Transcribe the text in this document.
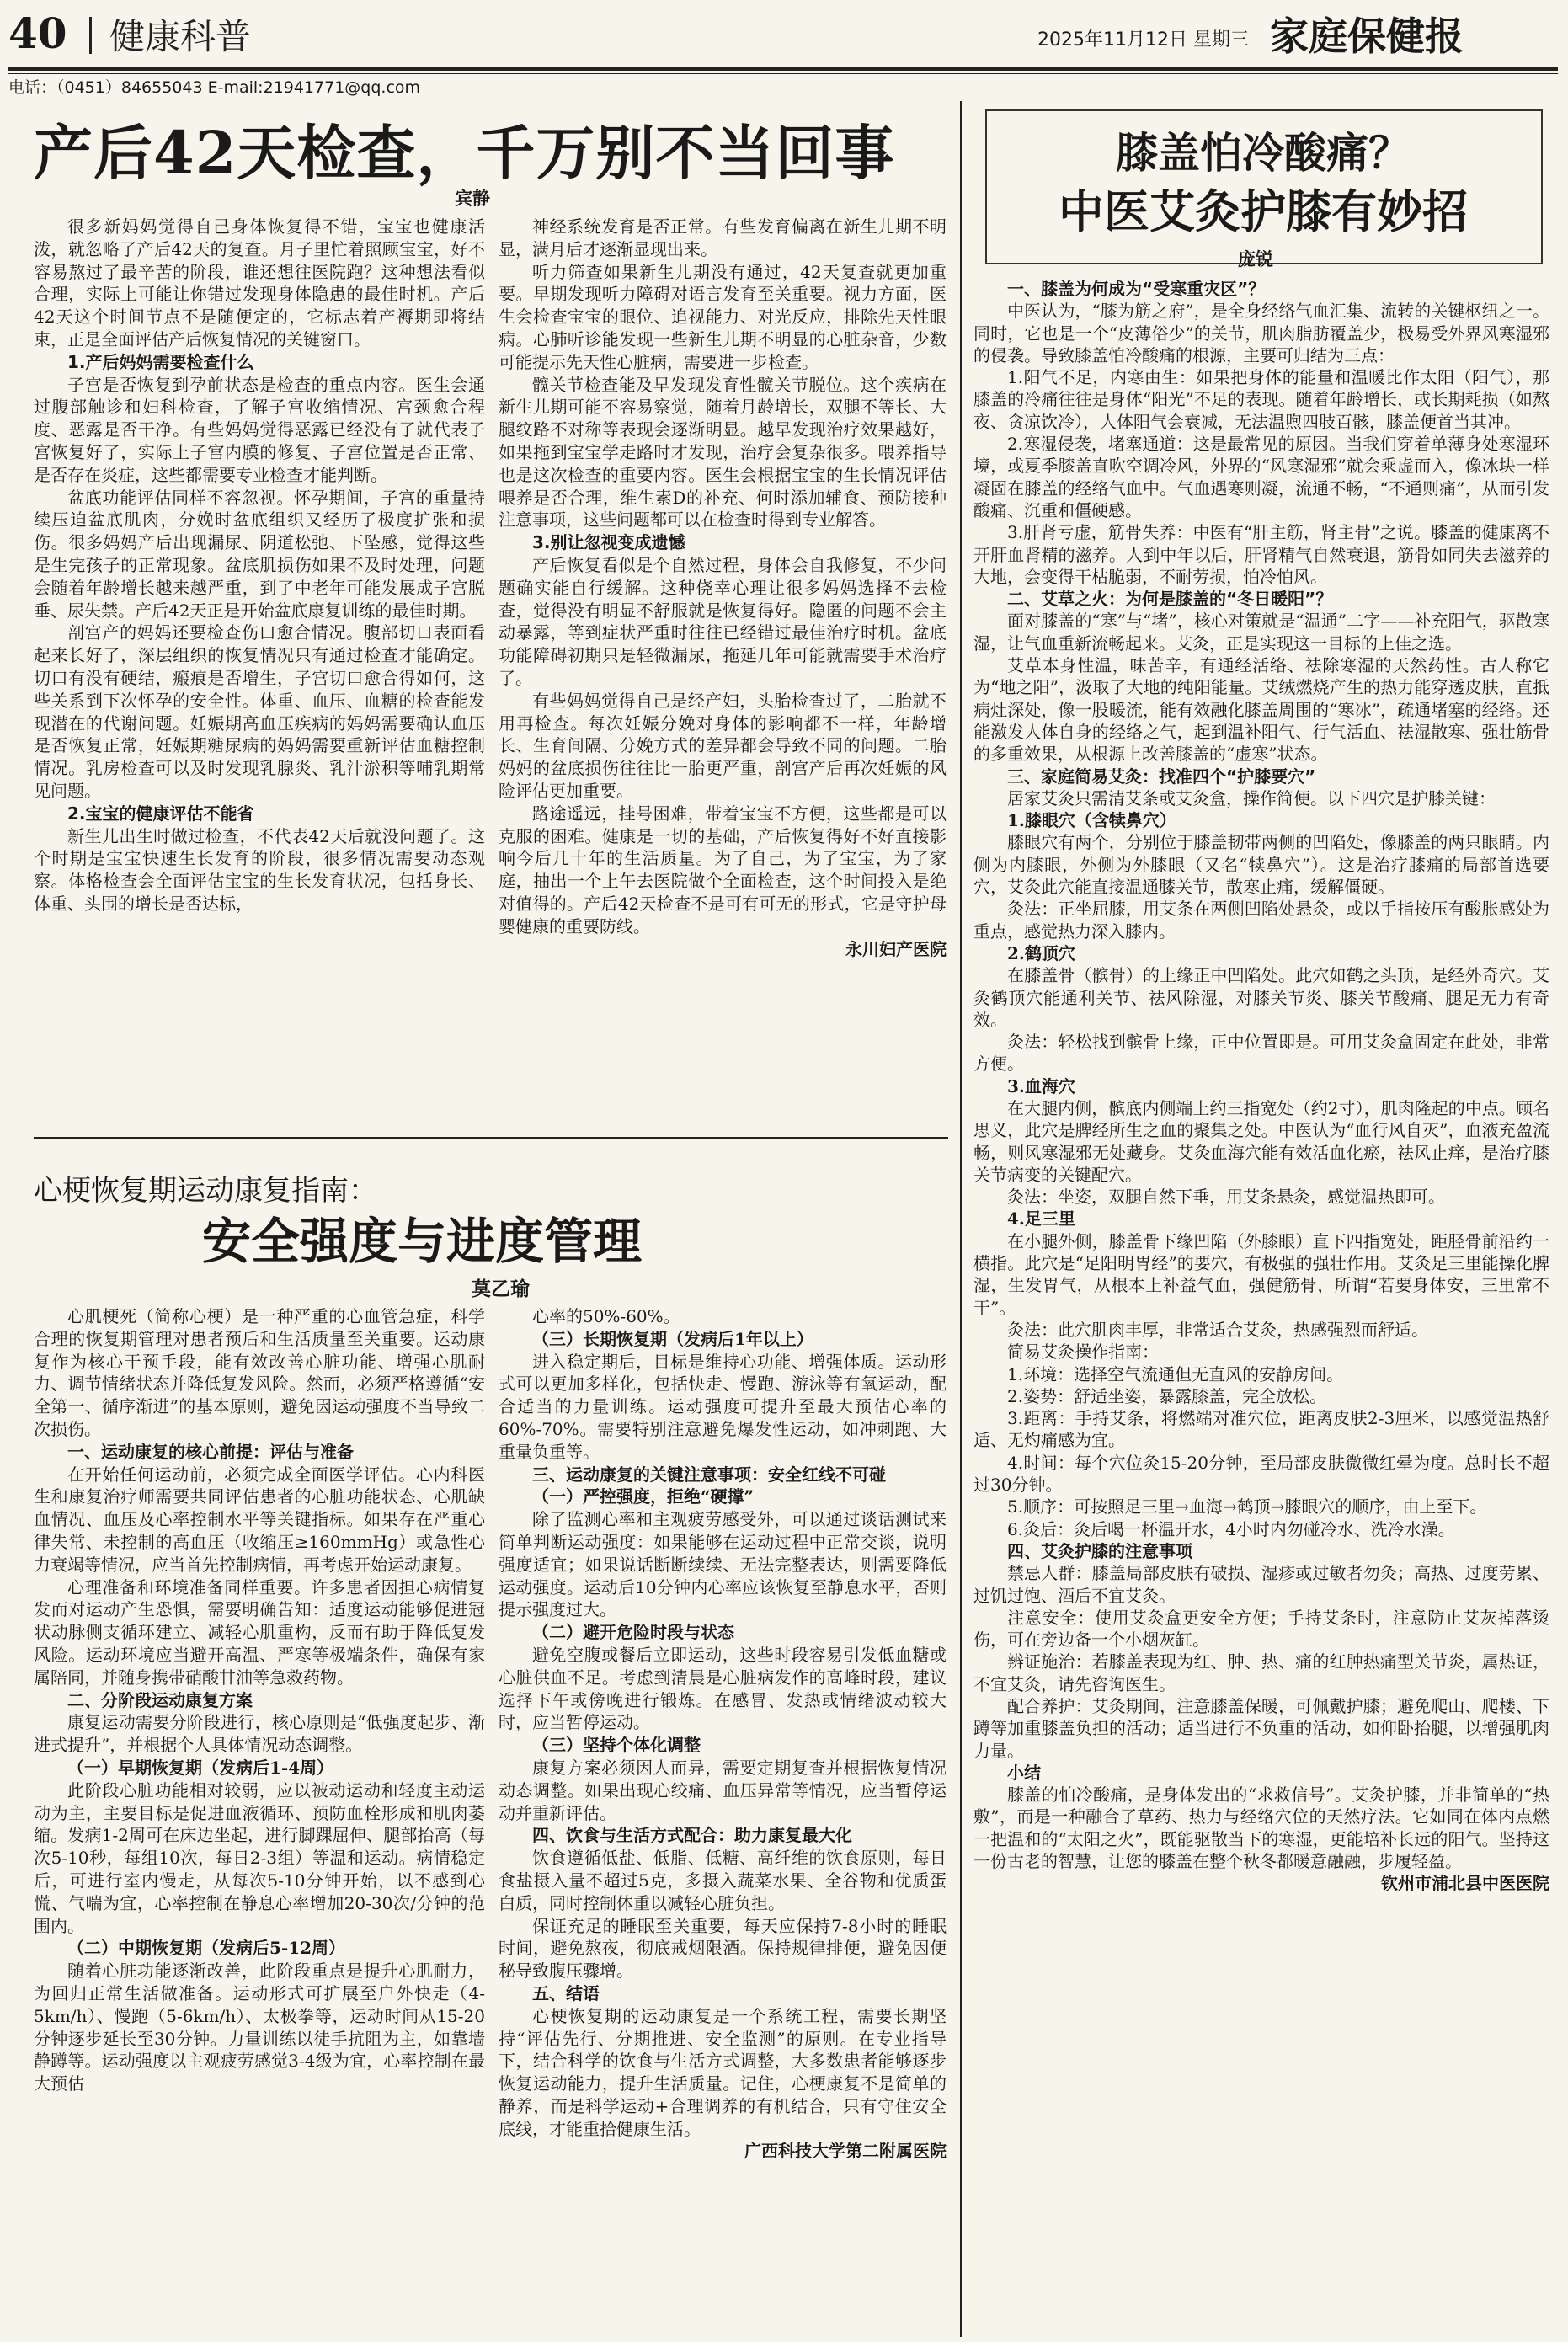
40 健康科普	2025年11月12日 星期三 家庭保健报
电话：（0451）84655043 E-mail:21941771@qq.com
产后42天检查，千万别不当回事
宾静

很多新妈妈觉得自己身体恢复得不错，宝宝也健康活泼，就忽略了产后42天的复查。月子里忙着照顾宝宝，好不容易熬过了最辛苦的阶段，谁还想往医院跑？这种想法看似合理，实际上可能让你错过发现身体隐患的最佳时机。产后42天这个时间节点不是随便定的，它标志着产褥期即将结束，正是全面评估产后恢复情况的关键窗口。

1.产后妈妈需要检查什么

子宫是否恢复到孕前状态是检查的重点内容。医生会通过腹部触诊和妇科检查，了解子宫收缩情况、宫颈愈合程度、恶露是否干净。有些妈妈觉得恶露已经没有了就代表子宫恢复好了，实际上子宫内膜的修复、子宫位置是否正常、是否存在炎症，这些都需要专业检查才能判断。

盆底功能评估同样不容忽视。怀孕期间，子宫的重量持续压迫盆底肌肉，分娩时盆底组织又经历了极度扩张和损伤。很多妈妈产后出现漏尿、阴道松弛、下坠感，觉得这些是生完孩子的正常现象。盆底肌损伤如果不及时处理，问题会随着年龄增长越来越严重，到了中老年可能发展成子宫脱垂、尿失禁。产后42天正是开始盆底康复训练的最佳时期。

剖宫产的妈妈还要检查伤口愈合情况。腹部切口表面看起来长好了，深层组织的恢复情况只有通过检查才能确定。切口有没有硬结，瘢痕是否增生，子宫切口愈合得如何，这些关系到下次怀孕的安全性。体重、血压、血糖的检查能发现潜在的代谢问题。妊娠期高血压疾病的妈妈需要确认血压是否恢复正常，妊娠期糖尿病的妈妈需要重新评估血糖控制情况。乳房检查可以及时发现乳腺炎、乳汁淤积等哺乳期常见问题。

2.宝宝的健康评估不能省

新生儿出生时做过检查，不代表42天后就没问题了。这个时期是宝宝快速生长发育的阶段，很多情况需要动态观察。体格检查会全面评估宝宝的生长发育状况，包括身长、体重、头围的增长是否达标，

神经系统发育是否正常。有些发育偏离在新生儿期不明显，满月后才逐渐显现出来。

听力筛查如果新生儿期没有通过，42天复查就更加重要。早期发现听力障碍对语言发育至关重要。视力方面，医生会检查宝宝的眼位、追视能力、对光反应，排除先天性眼病。心肺听诊能发现一些新生儿期不明显的心脏杂音，少数可能提示先天性心脏病，需要进一步检查。

髋关节检查能及早发现发育性髋关节脱位。这个疾病在新生儿期可能不容易察觉，随着月龄增长，双腿不等长、大腿纹路不对称等表现会逐渐明显。越早发现治疗效果越好，如果拖到宝宝学走路时才发现，治疗会复杂很多。喂养指导也是这次检查的重要内容。医生会根据宝宝的生长情况评估喂养是否合理，维生素D的补充、何时添加辅食、预防接种注意事项，这些问题都可以在检查时得到专业解答。

3.别让忽视变成遗憾

产后恢复看似是个自然过程，身体会自我修复，不少问题确实能自行缓解。这种侥幸心理让很多妈妈选择不去检查，觉得没有明显不舒服就是恢复得好。隐匿的问题不会主动暴露，等到症状严重时往往已经错过最佳治疗时机。盆底功能障碍初期只是轻微漏尿，拖延几年可能就需要手术治疗了。

有些妈妈觉得自己是经产妇，头胎检查过了，二胎就不用再检查。每次妊娠分娩对身体的影响都不一样，年龄增长、生育间隔、分娩方式的差异都会导致不同的问题。二胎妈妈的盆底损伤往往比一胎更严重，剖宫产后再次妊娠的风险评估更加重要。

路途遥远，挂号困难，带着宝宝不方便，这些都是可以克服的困难。健康是一切的基础，产后恢复得好不好直接影响今后几十年的生活质量。为了自己，为了宝宝，为了家庭，抽出一个上午去医院做个全面检查，这个时间投入是绝对值得的。产后42天检查不是可有可无的形式，它是守护母婴健康的重要防线。

永川妇产医院

心梗恢复期运动康复指南：
安全强度与进度管理
莫乙瑜

心肌梗死（简称心梗）是一种严重的心血管急症，科学合理的恢复期管理对患者预后和生活质量至关重要。运动康复作为核心干预手段，能有效改善心脏功能、增强心肌耐力、调节情绪状态并降低复发风险。然而，必须严格遵循“安全第一、循序渐进”的基本原则，避免因运动强度不当导致二次损伤。

一、运动康复的核心前提：评估与准备

在开始任何运动前，必须完成全面医学评估。心内科医生和康复治疗师需要共同评估患者的心脏功能状态、心肌缺血情况、血压及心率控制水平等关键指标。如果存在严重心律失常、未控制的高血压（收缩压≥160mmHg）或急性心力衰竭等情况，应当首先控制病情，再考虑开始运动康复。

心理准备和环境准备同样重要。许多患者因担心病情复发而对运动产生恐惧，需要明确告知：适度运动能够促进冠状动脉侧支循环建立、减轻心肌重构，反而有助于降低复发风险。运动环境应当避开高温、严寒等极端条件，确保有家属陪同，并随身携带硝酸甘油等急救药物。

二、分阶段运动康复方案

康复运动需要分阶段进行，核心原则是“低强度起步、渐进式提升”，并根据个人具体情况动态调整。

（一）早期恢复期（发病后1-4周）

此阶段心脏功能相对较弱，应以被动运动和轻度主动运动为主，主要目标是促进血液循环、预防血栓形成和肌肉萎缩。发病1-2周可在床边坐起，进行脚踝屈伸、腿部抬高（每次5-10秒，每组10次，每日2-3组）等温和运动。病情稳定后，可进行室内慢走，从每次5-10分钟开始，以不感到心慌、气喘为宜，心率控制在静息心率增加20-30次/分钟的范围内。

（二）中期恢复期（发病后5-12周）

随着心脏功能逐渐改善，此阶段重点是提升心肌耐力，为回归正常生活做准备。运动形式可扩展至户外快走（4-5km/h）、慢跑（5-6km/h）、太极拳等，运动时间从15-20分钟逐步延长至30分钟。力量训练以徒手抗阻为主，如靠墙静蹲等。运动强度以主观疲劳感觉3-4级为宜，心率控制在最大预估

心率的50%-60%。

（三）长期恢复期（发病后1年以上）

进入稳定期后，目标是维持心功能、增强体质。运动形式可以更加多样化，包括快走、慢跑、游泳等有氧运动，配合适当的力量训练。运动强度可提升至最大预估心率的60%-70%。需要特别注意避免爆发性运动，如冲刺跑、大重量负重等。

三、运动康复的关键注意事项：安全红线不可碰

（一）严控强度，拒绝“硬撑”

除了监测心率和主观疲劳感受外，可以通过谈话测试来简单判断运动强度：如果能够在运动过程中正常交谈，说明强度适宜；如果说话断断续续、无法完整表达，则需要降低运动强度。运动后10分钟内心率应该恢复至静息水平，否则提示强度过大。

（二）避开危险时段与状态

避免空腹或餐后立即运动，这些时段容易引发低血糖或心脏供血不足。考虑到清晨是心脏病发作的高峰时段，建议选择下午或傍晚进行锻炼。在感冒、发热或情绪波动较大时，应当暂停运动。

（三）坚持个体化调整

康复方案必须因人而异，需要定期复查并根据恢复情况动态调整。如果出现心绞痛、血压异常等情况，应当暂停运动并重新评估。

四、饮食与生活方式配合：助力康复最大化

饮食遵循低盐、低脂、低糖、高纤维的饮食原则，每日食盐摄入量不超过5克，多摄入蔬菜水果、全谷物和优质蛋白质，同时控制体重以减轻心脏负担。

保证充足的睡眠至关重要，每天应保持7-8小时的睡眠时间，避免熬夜，彻底戒烟限酒。保持规律排便，避免因便秘导致腹压骤增。

五、结语

心梗恢复期的运动康复是一个系统工程，需要长期坚持“评估先行、分期推进、安全监测”的原则。在专业指导下，结合科学的饮食与生活方式调整，大多数患者能够逐步恢复运动能力，提升生活质量。记住，心梗康复不是简单的静养，而是科学运动+合理调养的有机结合，只有守住安全底线，才能重拾健康生活。

广西科技大学第二附属医院

膝盖怕冷酸痛？
中医艾灸护膝有妙招
庞锐

一、膝盖为何成为“受寒重灾区”？

中医认为，“膝为筋之府”，是全身经络气血汇集、流转的关键枢纽之一。同时，它也是一个“皮薄俗少”的关节，肌肉脂肪覆盖少，极易受外界风寒湿邪的侵袭。导致膝盖怕冷酸痛的根源，主要可归结为三点：

1.阳气不足，内寒由生：如果把身体的能量和温暖比作太阳（阳气），那膝盖的冷痛往往是身体“阳光”不足的表现。随着年龄增长，或长期耗损（如熬夜、贪凉饮冷），人体阳气会衰减，无法温煦四肢百骸，膝盖便首当其冲。

2.寒湿侵袭，堵塞通道：这是最常见的原因。当我们穿着单薄身处寒湿环境，或夏季膝盖直吹空调冷风，外界的“风寒湿邪”就会乘虚而入，像冰块一样凝固在膝盖的经络气血中。气血遇寒则凝，流通不畅，“不通则痛”，从而引发酸痛、沉重和僵硬感。

3.肝肾亏虚，筋骨失养：中医有“肝主筋，肾主骨”之说。膝盖的健康离不开肝血肾精的滋养。人到中年以后，肝肾精气自然衰退，筋骨如同失去滋养的大地，会变得干枯脆弱，不耐劳损，怕冷怕风。

二、艾草之火：为何是膝盖的“冬日暖阳”？

面对膝盖的“寒”与“堵”，核心对策就是“温通”二字——补充阳气，驱散寒湿，让气血重新流畅起来。艾灸，正是实现这一目标的上佳之选。

艾草本身性温，味苦辛，有通经活络、祛除寒湿的天然药性。古人称它为“地之阳”，汲取了大地的纯阳能量。艾绒燃烧产生的热力能穿透皮肤，直抵病灶深处，像一股暖流，能有效融化膝盖周围的“寒冰”，疏通堵塞的经络。还能激发人体自身的经络之气，起到温补阳气、行气活血、祛湿散寒、强壮筋骨的多重效果，从根源上改善膝盖的“虚寒”状态。

三、家庭简易艾灸：找准四个“护膝要穴”

居家艾灸只需清艾条或艾灸盒，操作简便。以下四穴是护膝关键：

1.膝眼穴（含犊鼻穴）

膝眼穴有两个，分别位于膝盖韧带两侧的凹陷处，像膝盖的两只眼睛。内侧为内膝眼，外侧为外膝眼（又名“犊鼻穴”）。这是治疗膝痛的局部首选要穴，艾灸此穴能直接温通膝关节，散寒止痛，缓解僵硬。

灸法：正坐屈膝，用艾条在两侧凹陷处悬灸，或以手指按压有酸胀感处为重点，感觉热力深入膝内。

2.鹤顶穴

在膝盖骨（髌骨）的上缘正中凹陷处。此穴如鹤之头顶，是经外奇穴。艾灸鹤顶穴能通利关节、祛风除湿，对膝关节炎、膝关节酸痛、腿足无力有奇效。

灸法：轻松找到髌骨上缘，正中位置即是。可用艾灸盒固定在此处，非常方便。

3.血海穴

在大腿内侧，髌底内侧端上约三指宽处（约2寸），肌肉隆起的中点。顾名思义，此穴是脾经所生之血的聚集之处。中医认为“血行风自灭”，血液充盈流畅，则风寒湿邪无处藏身。艾灸血海穴能有效活血化瘀，祛风止痒，是治疗膝关节病变的关键配穴。

灸法：坐姿，双腿自然下垂，用艾条悬灸，感觉温热即可。

4.足三里

在小腿外侧，膝盖骨下缘凹陷（外膝眼）直下四指宽处，距胫骨前沿约一横指。此穴是“足阳明胃经”的要穴，有极强的强壮作用。艾灸足三里能操化脾湿，生发胃气，从根本上补益气血，强健筋骨，所谓“若要身体安，三里常不干”。

灸法：此穴肌肉丰厚，非常适合艾灸，热感强烈而舒适。

简易艾灸操作指南：

1.环境：选择空气流通但无直风的安静房间。

2.姿势：舒适坐姿，暴露膝盖，完全放松。

3.距离：手持艾条，将燃端对准穴位，距离皮肤2-3厘米，以感觉温热舒适、无灼痛感为宜。

4.时间：每个穴位灸15-20分钟，至局部皮肤微微红晕为度。总时长不超过30分钟。

5.顺序：可按照足三里→血海→鹤顶→膝眼穴的顺序，由上至下。

6.灸后：灸后喝一杯温开水，4小时内勿碰冷水、洗冷水澡。

四、艾灸护膝的注意事项

禁忌人群：膝盖局部皮肤有破损、湿疹或过敏者勿灸；高热、过度劳累、过饥过饱、酒后不宜艾灸。

注意安全：使用艾灸盒更安全方便；手持艾条时，注意防止艾灰掉落烫伤，可在旁边备一个小烟灰缸。

辨证施治：若膝盖表现为红、肿、热、痛的红肿热痛型关节炎，属热证，不宜艾灸，请先咨询医生。

配合养护：艾灸期间，注意膝盖保暖，可佩戴护膝；避免爬山、爬楼、下蹲等加重膝盖负担的活动；适当进行不负重的活动，如仰卧抬腿，以增强肌肉力量。

小结

膝盖的怕冷酸痛，是身体发出的“求救信号”。艾灸护膝，并非简单的“热敷”，而是一种融合了草药、热力与经络穴位的天然疗法。它如同在体内点燃一把温和的“太阳之火”，既能驱散当下的寒湿，更能培补长远的阳气。坚持这一份古老的智慧，让您的膝盖在整个秋冬都暖意融融，步履轻盈。

钦州市浦北县中医医院
